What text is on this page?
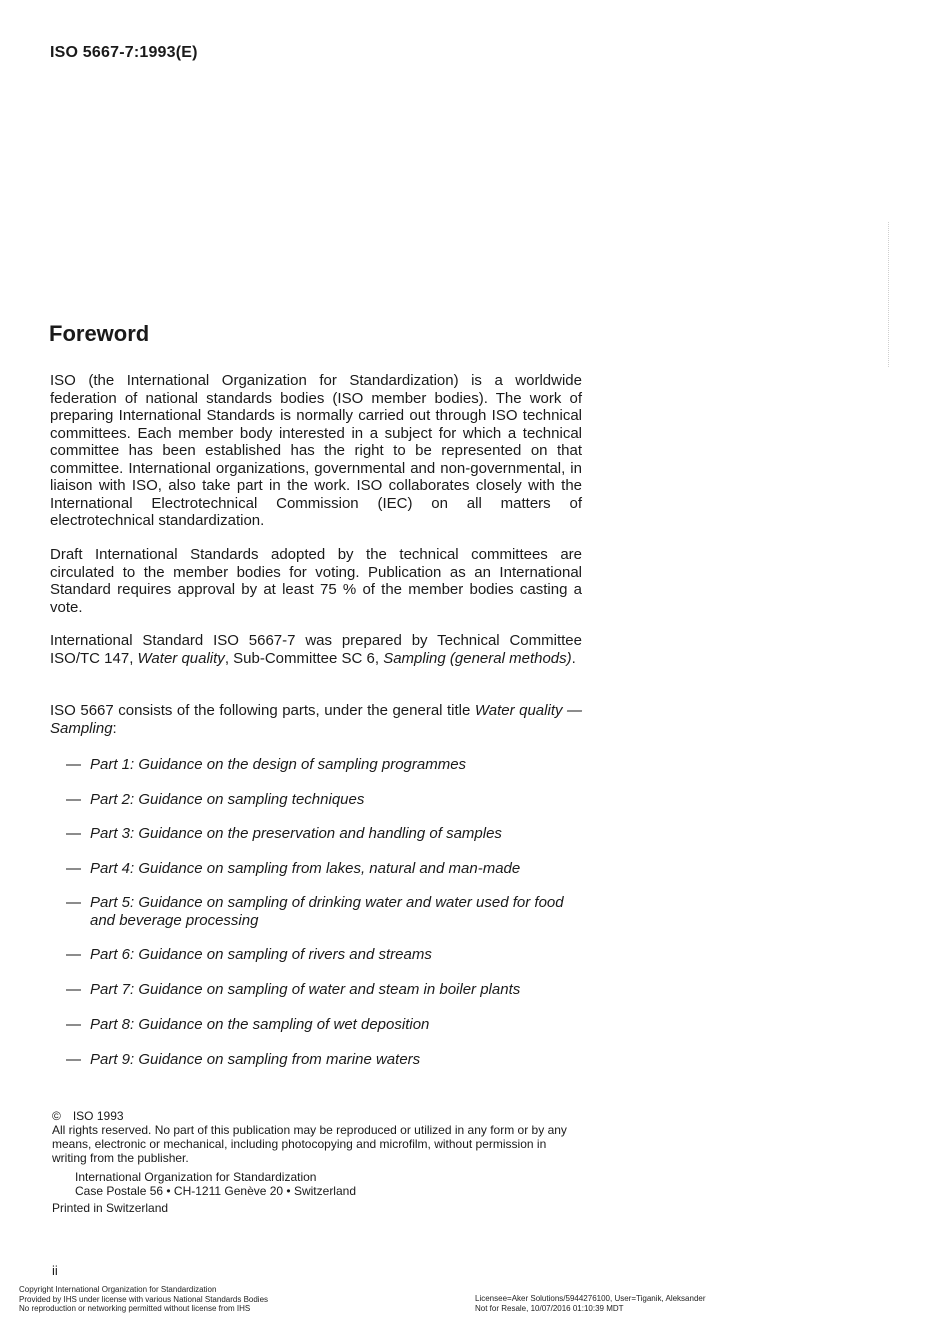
ISO 5667-7:1993(E)
Foreword
ISO (the International Organization for Standardization) is a worldwide federation of national standards bodies (ISO member bodies). The work of preparing International Standards is normally carried out through ISO technical committees. Each member body interested in a subject for which a technical committee has been established has the right to be represented on that committee. International organizations, governmental and non-governmental, in liaison with ISO, also take part in the work. ISO collaborates closely with the International Electrotechnical Commission (IEC) on all matters of electrotechnical standardization.
Draft International Standards adopted by the technical committees are circulated to the member bodies for voting. Publication as an International Standard requires approval by at least 75 % of the member bodies casting a vote.
International Standard ISO 5667-7 was prepared by Technical Committee ISO/TC 147, Water quality, Sub-Committee SC 6, Sampling (general methods).
ISO 5667 consists of the following parts, under the general title Water quality — Sampling:
— Part 1: Guidance on the design of sampling programmes
— Part 2: Guidance on sampling techniques
— Part 3: Guidance on the preservation and handling of samples
— Part 4: Guidance on sampling from lakes, natural and man-made
— Part 5: Guidance on sampling of drinking water and water used for food and beverage processing
— Part 6: Guidance on sampling of rivers and streams
— Part 7: Guidance on sampling of water and steam in boiler plants
— Part 8: Guidance on the sampling of wet deposition
— Part 9: Guidance on sampling from marine waters
© ISO 1993
All rights reserved. No part of this publication may be reproduced or utilized in any form or by any means, electronic or mechanical, including photocopying and microfilm, without permission in writing from the publisher.
International Organization for Standardization
Case Postale 56 • CH-1211 Genève 20 • Switzerland
Printed in Switzerland
ii
Copyright International Organization for Standardization
Provided by IHS under license with various National Standards Bodies
No reproduction or networking permitted without license from IHS
Licensee=Aker Solutions/5944276100, User=Tiganik, Aleksander
Not for Resale, 10/07/2016 01:10:39 MDT
